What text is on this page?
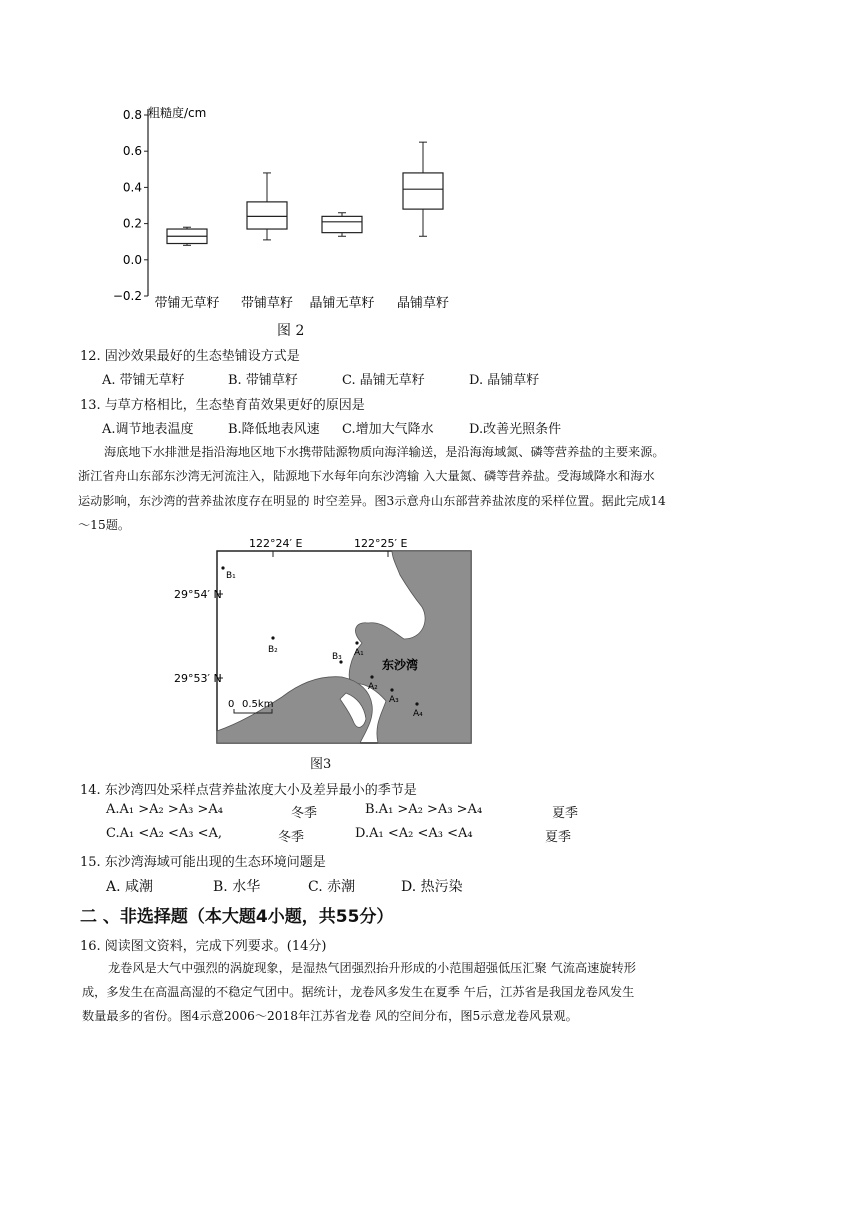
0.8
0.6
0.4
0.2
0.0
−0.2 带铺无草籽 带铺草籽 晶铺无草籽 晶铺草籽
粗糙度/cm
图 2
12. 固沙效果最好的生态垫铺设方式是
A. 带铺无草籽	B. 带铺草籽	C. 晶铺无草籽	D. 晶铺草籽
13. 与草方格相比，生态垫育苗效果更好的原因是
A.调节地表温度	B.降低地表风速 C.增加大气降水	D.改善光照条件
海底地下水排泄是指沿海地区地下水携带陆源物质向海洋输送，是沿海海域氮、磷等营养盐的主要来源。
浙江省舟山东部东沙湾无河流注入，陆源地下水每年向东沙湾输 入大量氮、磷等营养盐。受海域降水和海水
运动影响，东沙湾的营养盐浓度存在明显的 时空差异。图3示意舟山东部营养盐浓度的采样位置。据此完成14
～15题。
122°24′ E	122°25′ E
29°54′ N
29°53′ N
0 0.5km
东沙湾
B₁
B₂
B₃ A₁
A₂
A₃
A₄
图3
14. 东沙湾四处采样点营养盐浓度大小及差异最小的季节是
A.A₁ >A₂ >A₃ >A₄	冬季	B.A₁ >A₂ >A₃ >A₄	夏季
C.A₁ <A₂ <A₃ <A,	冬季	D.A₁ <A₂ <A₃ <A₄	夏季
15. 东沙湾海域可能出现的生态环境问题是
A. 咸潮	B. 水华	C. 赤潮	D. 热污染
二 、非选择题（本大题4小题，共55分）
16. 阅读图文资料，完成下列要求。(14分)
龙卷风是大气中强烈的涡旋现象，是湿热气团强烈抬升形成的小范围超强低压汇聚 气流高速旋转形
成，多发生在高温高湿的不稳定气团中。据统计，龙卷风多发生在夏季 午后，江苏省是我国龙卷风发生
数量最多的省份。图4示意2006～2018年江苏省龙卷 风的空间分布，图5示意龙卷风景观。
